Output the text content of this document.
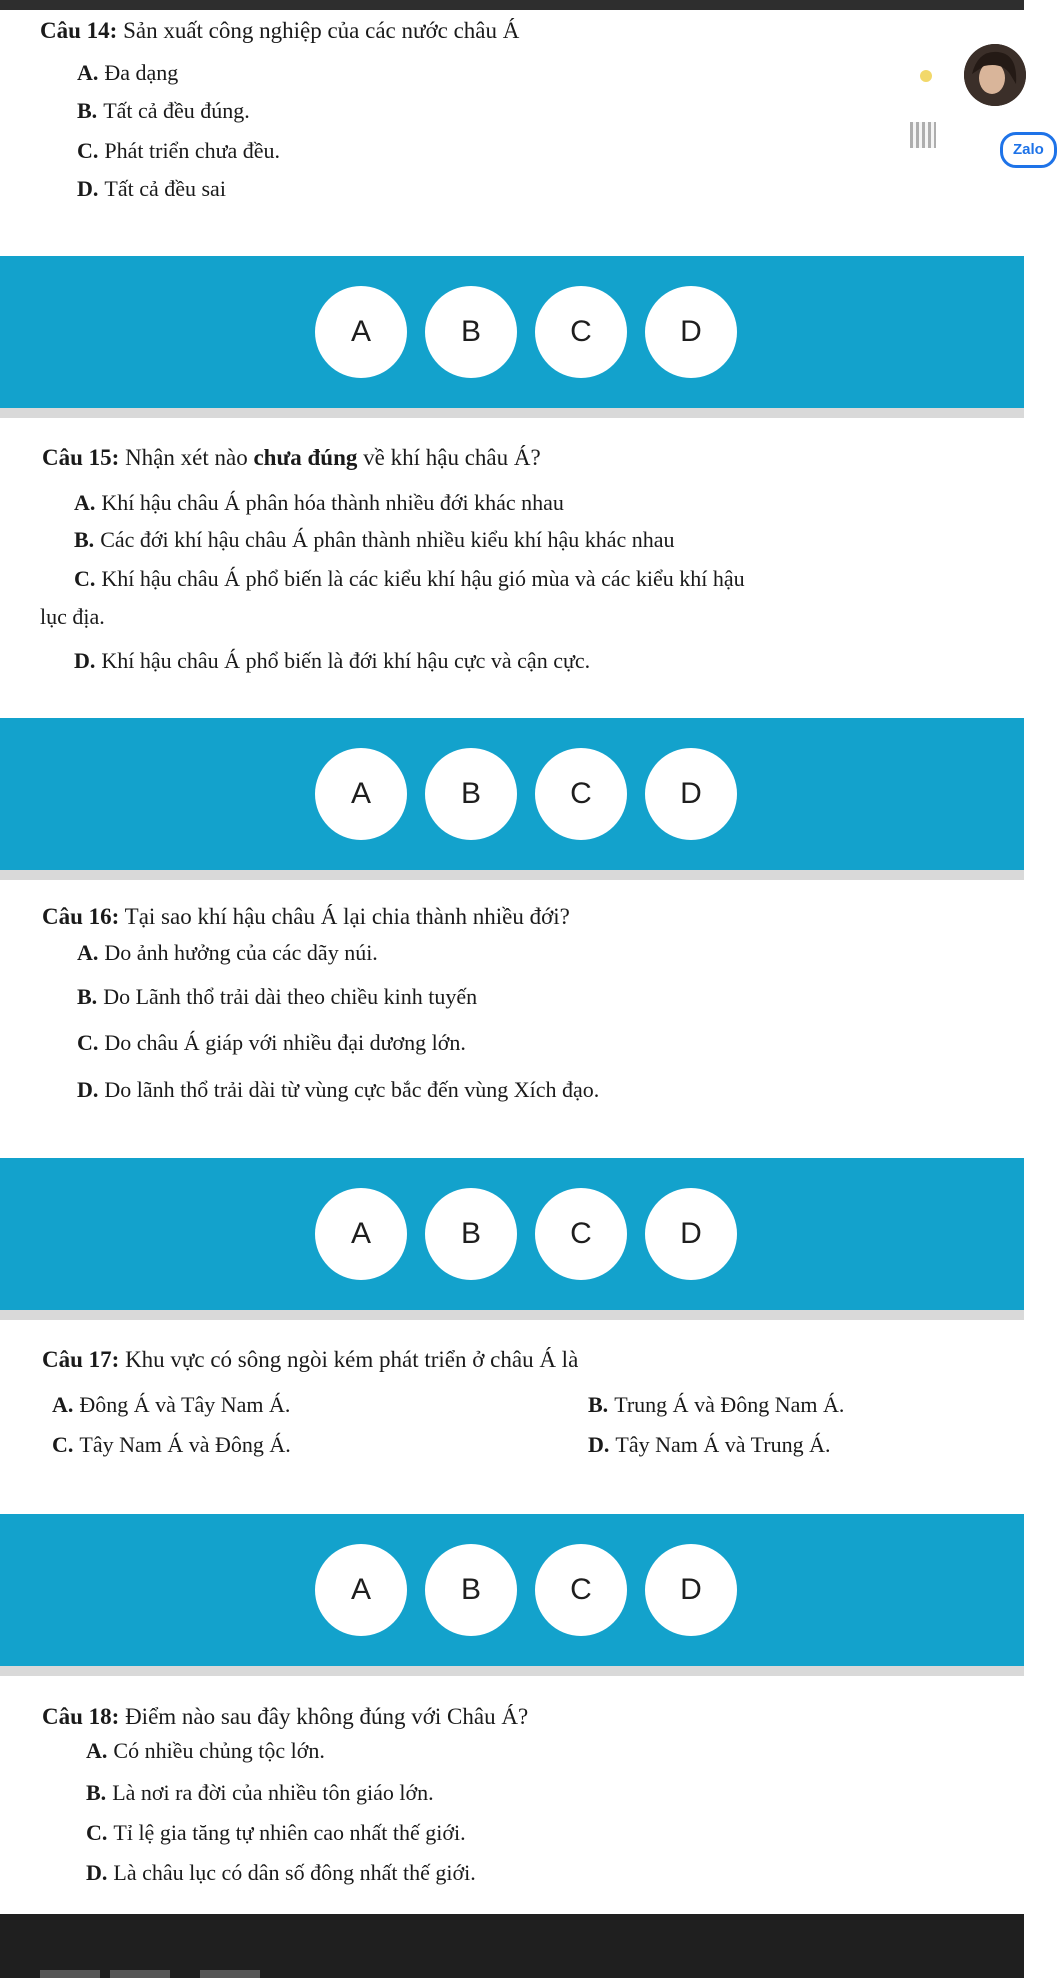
Câu 14: Sản xuất công nghiệp của các nước châu Á
A. Đa dạng
B. Tất cả đều đúng.
C. Phát triển chưa đều.
D. Tất cả đều sai
Zalo
A	B	C	D
Câu 15: Nhận xét nào chưa đúng về khí hậu châu Á?
A. Khí hậu châu Á phân hóa thành nhiều đới khác nhau
B. Các đới khí hậu châu Á phân thành nhiều kiểu khí hậu khác nhau
C. Khí hậu châu Á phổ biến là các kiểu khí hậu gió mùa và các kiểu khí hậu
lục địa.
D. Khí hậu châu Á phổ biến là đới khí hậu cực và cận cực.
A	B	C	D
Câu 16: Tại sao khí hậu châu Á lại chia thành nhiều đới?
A. Do ảnh hưởng của các dãy núi.
B. Do Lãnh thổ trải dài theo chiều kinh tuyến
C. Do châu Á giáp với nhiều đại dương lớn.
D. Do lãnh thổ trải dài từ vùng cực bắc đến vùng Xích đạo.
A	B	C	D
Câu 17: Khu vực có sông ngòi kém phát triển ở châu Á là
A. Đông Á và Tây Nam Á.	B. Trung Á và Đông Nam Á.
C. Tây Nam Á và Đông Á.	D. Tây Nam Á và Trung Á.
A	B	C	D
Câu 18: Điểm nào sau đây không đúng với Châu Á?
A. Có nhiều chủng tộc lớn.
B. Là nơi ra đời của nhiều tôn giáo lớn.
C. Tỉ lệ gia tăng tự nhiên cao nhất thế giới.
D. Là châu lục có dân số đông nhất thế giới.
